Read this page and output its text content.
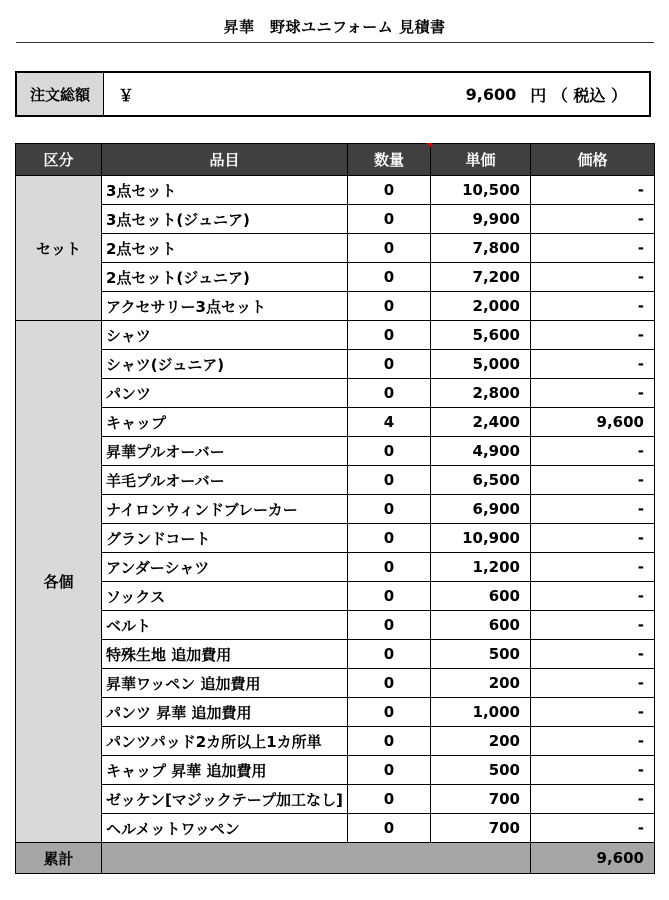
昇華　野球ユニフォーム 見積書
注文総額	￥	9,600 円 （ 税込 ）
区分	品目	数量	単価	価格
セット	3点セット	0	10,500	-
	3点セット(ジュニア)	0	9,900	-
	2点セット	0	7,800	-
	2点セット(ジュニア)	0	7,200	-
	アクセサリー3点セット	0	2,000	-
各個	シャツ	0	5,600	-
	シャツ(ジュニア)	0	5,000	-
	パンツ	0	2,800	-
	キャップ	4	2,400	9,600
	昇華プルオーバー	0	4,900	-
	羊毛プルオーバー	0	6,500	-
	ナイロンウィンドブレーカー	0	6,900	-
	グランドコート	0	10,900	-
	アンダーシャツ	0	1,200	-
	ソックス	0	600	-
	ベルト	0	600	-
	特殊生地 追加費用	0	500	-
	昇華ワッペン 追加費用	0	200	-
	パンツ 昇華 追加費用	0	1,000	-
	パンツパッド2カ所以上1カ所単	0	200	-
	キャップ 昇華 追加費用	0	500	-
	ゼッケン[マジックテープ加工なし]	0	700	-
	ヘルメットワッペン	0	700	-
累計				9,600
